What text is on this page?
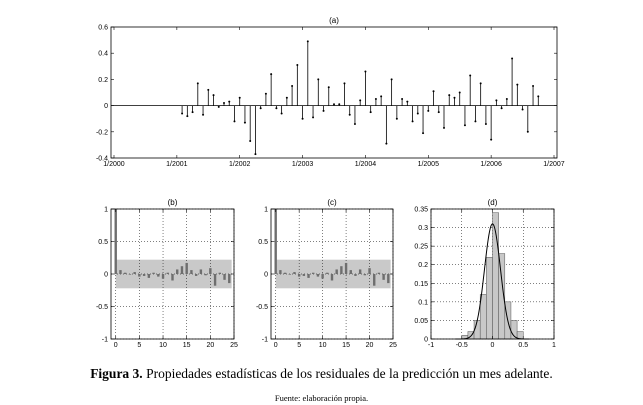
(a)
0.6
0.4
0.2
0
-0.2
-0.4
1/2000	1/2001	1/2002	1/2003	1/2004	1/2005	1/2006	1/2007
(b)
1
0.5
0
-0.5
-1
0	5	10 15 20 25
(c)
1
0.5
0
-0.5
-1
0	5	10 15 20 25
(d)
0.35
0.3
0.25
0.2
0.15
0.1
0.05
0
-1	-0.5	0	0.5	1
Figura 3. Propiedades estadísticas de los residuales de la predicción un mes adelante.
Fuente: elaboración propia.
